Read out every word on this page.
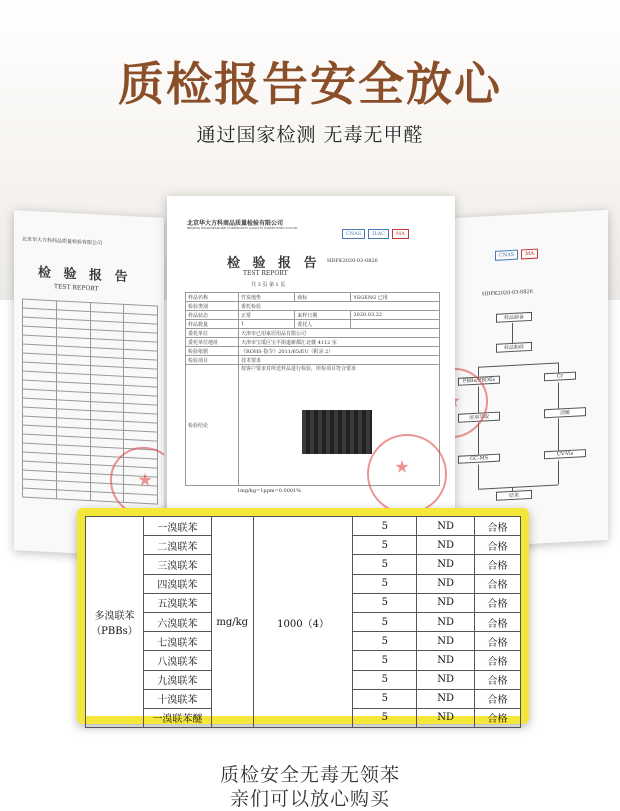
质检报告安全放心
通过国家检测 无毒无甲醛
北京华大方科商品质量检验有限公司
检 验 报 告
TEST REPORT

CNAS MA
HDFK2020-03-0826
样品制备
样品粉碎
PBBs/PBDEs
Cr
溶剂萃取
消解
GC-MS
UV-Vis
结果
北京华大方科商品质量检验有限公司
BEIJING HUADAFANGKE COMMODITY QUALITY INSPECTION CO.LTD
CNAS ILAC MA
检 验 报 告
TEST REPORT
HDFK2020-03-0826
共 3 页 第 1 页
样品名称	竹炭地垫	商标	YSGENG 已用
检验类别	委托检验		
样品状态	正常	来样日期	2020.03.22
样品数量	1	委托人	
委托单位	天津市已用家居用品有限公司		
委托单位地址	天津市宝坻区宝平街道新都汇北楼 4112 室		
检验依据	《ROHS 指令》2011/65/EU（附录 2）		
检验项目	技术要求		
检验结论	按客户要求对所送样品进行检验，所检项目符合要求		
1mg/kg=1ppm=0.0001%
多溴联苯
（PBBs）	一溴联苯	mg/kg	1000（4）	5	ND	合格
	二溴联苯			5	ND	合格
	三溴联苯			5	ND	合格
	四溴联苯			5	ND	合格
	五溴联苯			5	ND	合格
	六溴联苯			5	ND	合格
	七溴联苯			5	ND	合格
	八溴联苯			5	ND	合格
	九溴联苯			5	ND	合格
	十溴联苯			5	ND	合格
	一溴联苯醚			5	ND	合格
质检安全无毒无领苯
亲们可以放心购买
